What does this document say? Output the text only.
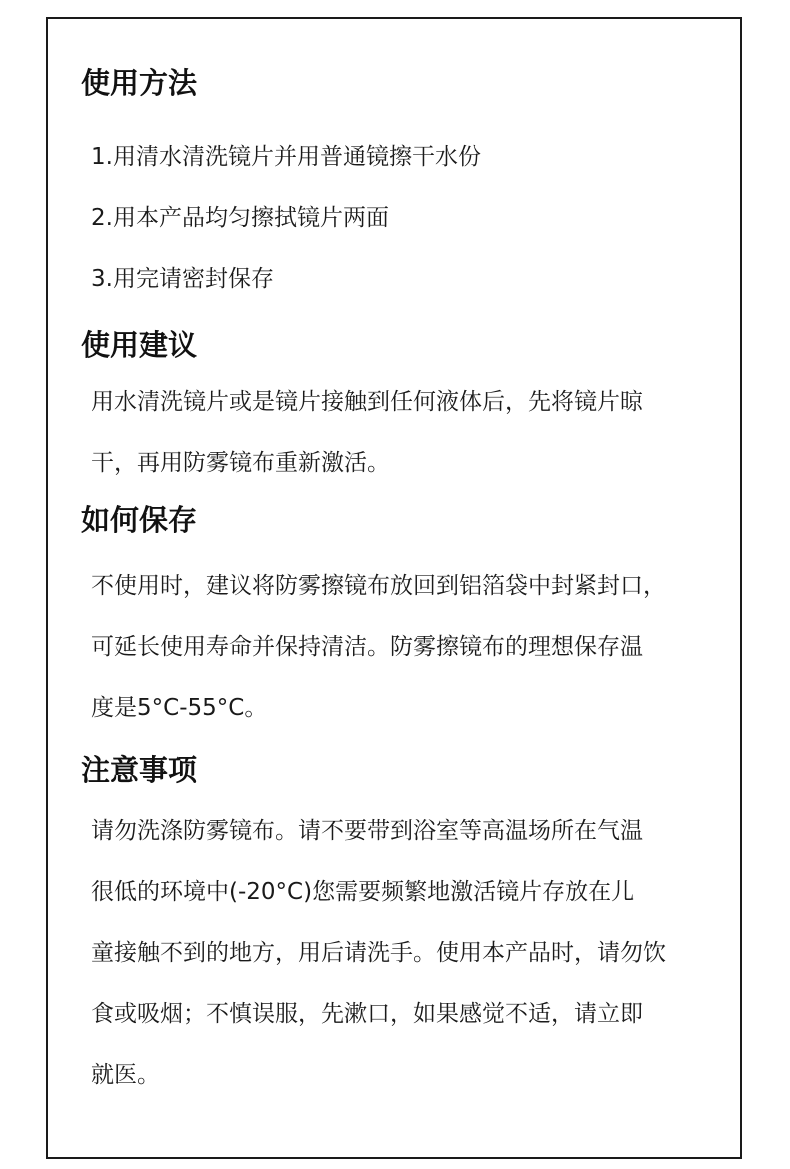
使用方法
1.用清水清洗镜片并用普通镜擦干水份
2.用本产品均匀擦拭镜片两面
3.用完请密封保存
使用建议
用水清洗镜片或是镜片接触到任何液体后，先将镜片晾
干，再用防雾镜布重新激活。
如何保存
不使用时，建议将防雾擦镜布放回到铝箔袋中封紧封口，
可延长使用寿命并保持清洁。防雾擦镜布的理想保存温
度是5°C-55°C。
注意事项
请勿洗涤防雾镜布。请不要带到浴室等高温场所在气温
很低的环境中(-20°C)您需要频繁地激活镜片存放在儿
童接触不到的地方，用后请洗手。使用本产品时，请勿饮
食或吸烟；不慎误服，先漱口，如果感觉不适，请立即
就医。
